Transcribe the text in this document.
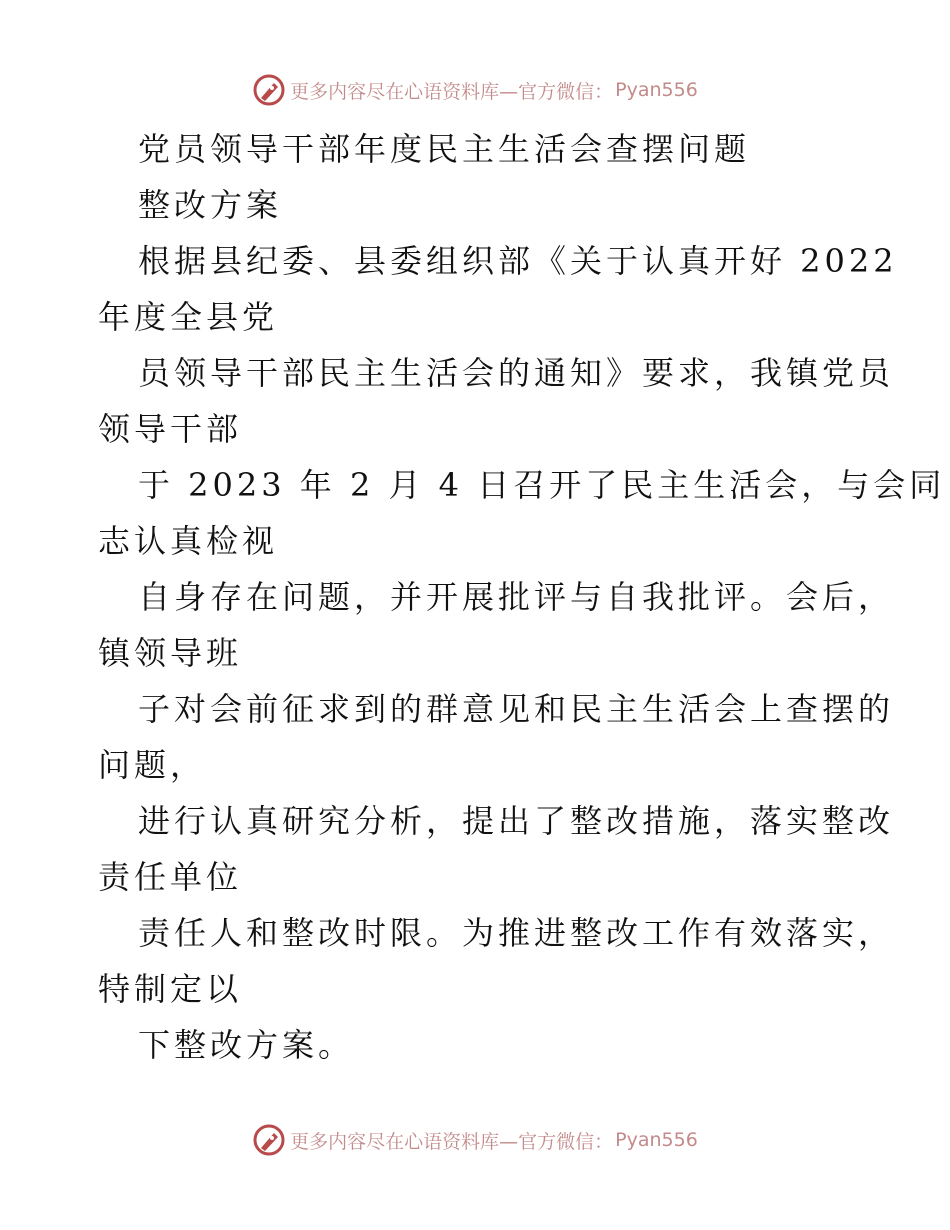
更多内容尽在心语资料库—官方微信： Pyan556

党员领导干部年度民主生活会查摆问题

整改方案

根据县纪委、县委组织部《关于认真开好 2022

年度全县党

员领导干部民主生活会的通知》要求，我镇党员

领导干部

于 2023 年 2 月 4 日召开了民主生活会，与会同

志认真检视

自身存在问题，并开展批评与自我批评。会后，

镇领导班

子对会前征求到的群意见和民主生活会上查摆的

问题，

进行认真研究分析，提出了整改措施，落实整改

责任单位

责任人和整改时限。为推进整改工作有效落实，

特制定以

下整改方案。

更多内容尽在心语资料库—官方微信： Pyan556
